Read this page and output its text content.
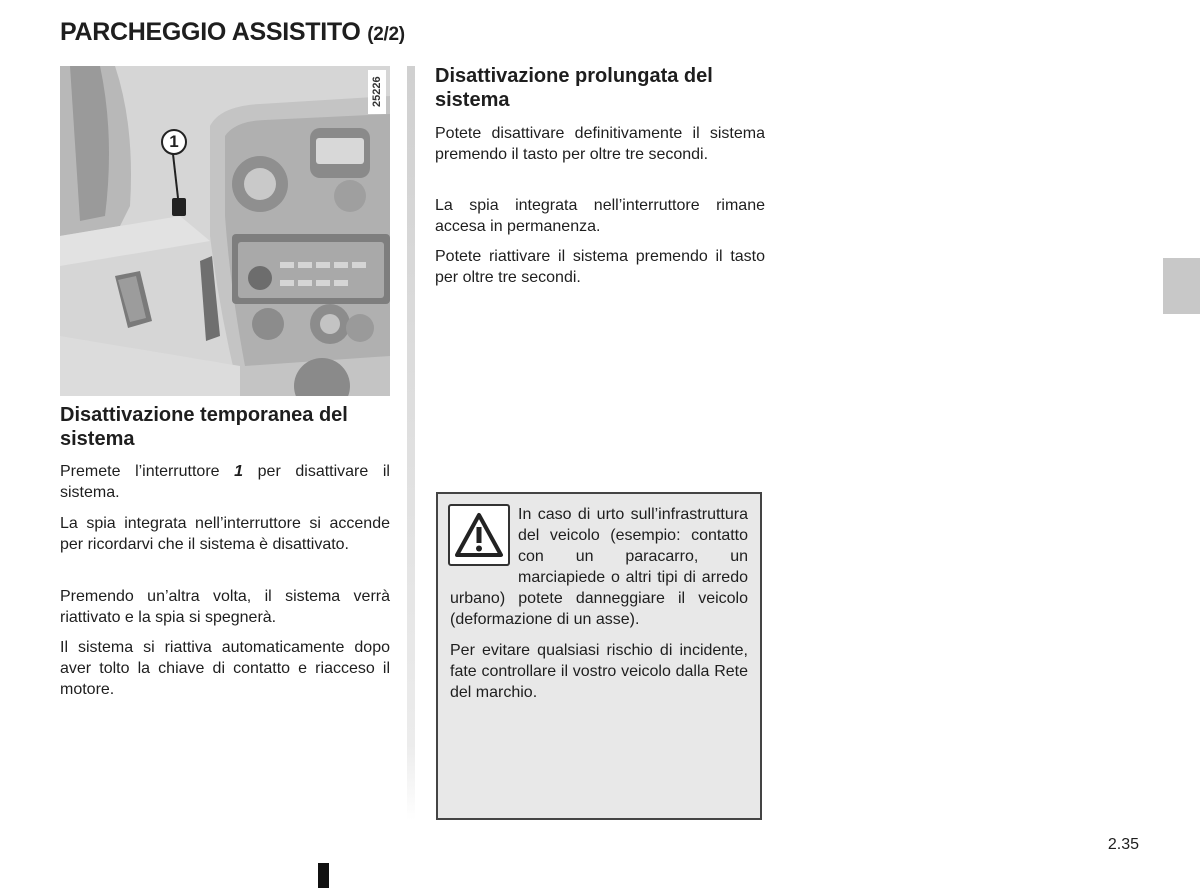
PARCHEGGIO ASSISTITO (2/2)
25226
1
Disattivazione temporanea del sistema

Premete l’interruttore 1 per disattivare il sistema.

La spia integrata nell’interruttore si accende per ricordarvi che il sistema è disattivato.

Premendo un’altra volta, il sistema verrà riattivato e la spia si spegnerà.

Il sistema si riattiva automaticamente dopo aver tolto la chiave di contatto e riacceso il motore.

Disattivazione prolungata del sistema

Potete disattivare definitivamente il sistema premendo il tasto per oltre tre secondi.

La spia integrata nell’interruttore rimane accesa in permanenza.

Potete riattivare il sistema premendo il tasto per oltre tre secondi.

In caso di urto sull’infrastruttura del veicolo (esempio: contatto con un paracarro, un marciapiede o altri tipi di arredo urbano) potete danneggiare il veicolo (deformazione di un asse).

Per evitare qualsiasi rischio di incidente, fate controllare il vostro veicolo dalla Rete del marchio.

2.35
